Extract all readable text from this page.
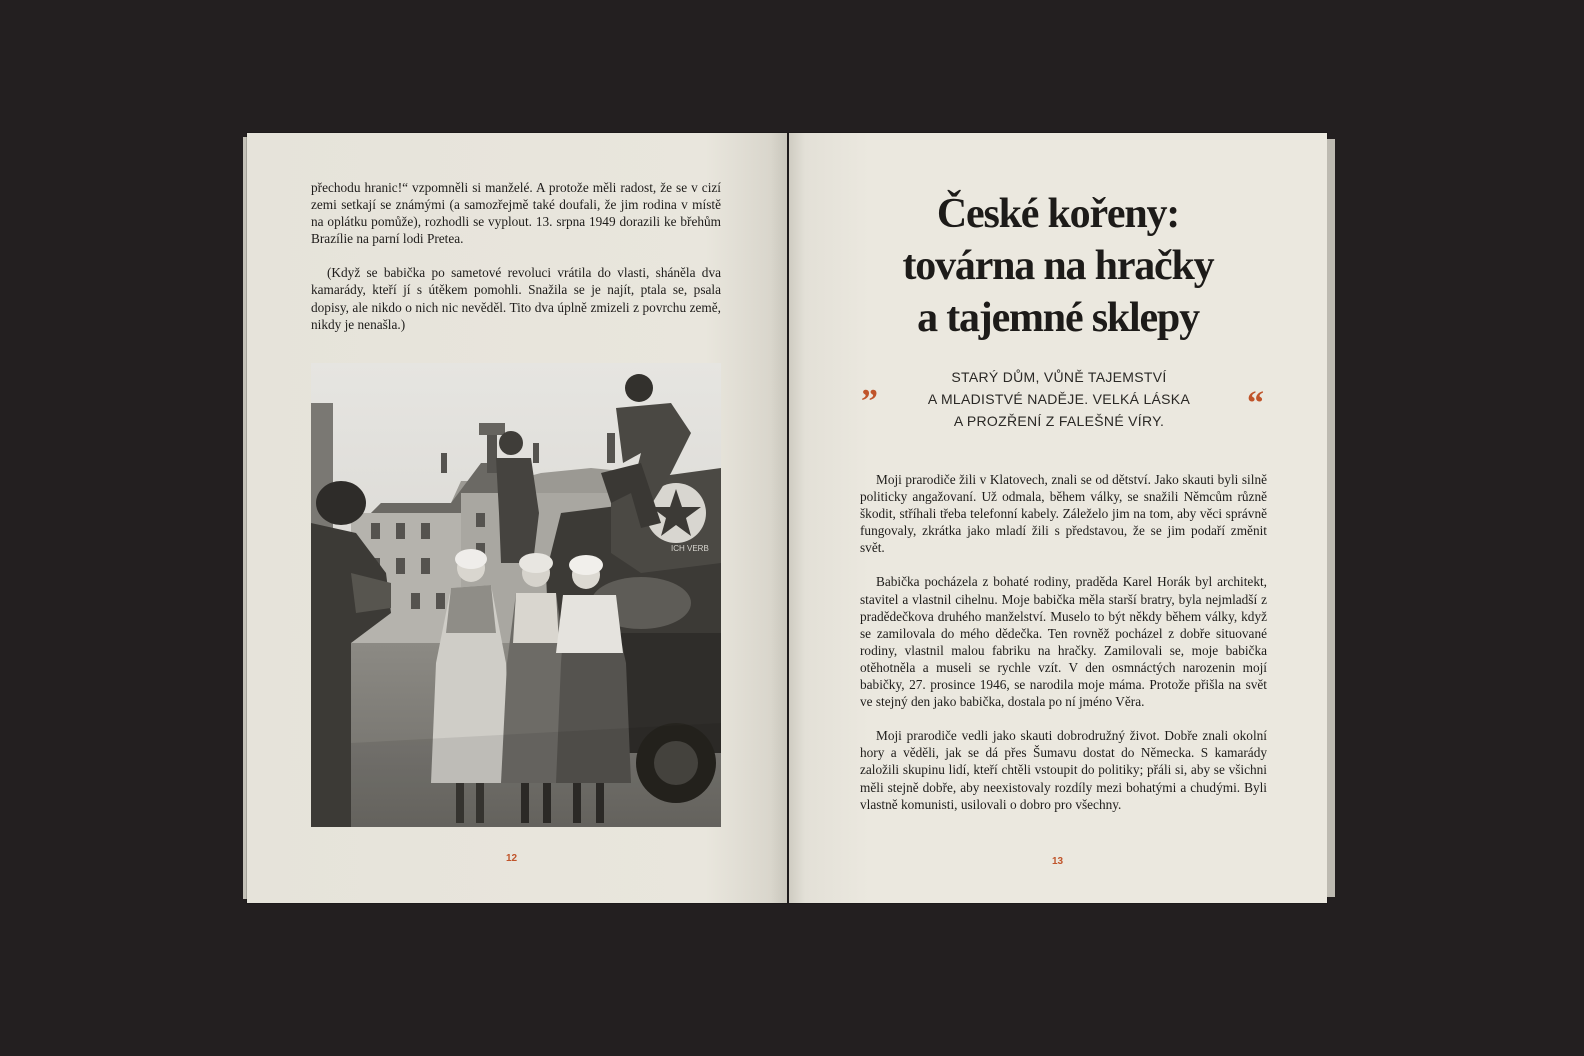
přechodu hranic!“ vzpomněli si manželé. A protože měli radost, že se v cizí zemi setkají se známými (a samozřejmě také doufali, že jim rodina v místě na oplátku pomůže), rozhodli se vyplout. 13. srpna 1949 dorazili ke břehům Brazílie na parní lodi Pretea.

(Když se babička po sametové revoluci vrátila do vlasti, sháněla dva kamarády, kteří jí s útěkem pomohli. Snažila se je najít, ptala se, psala dopisy, ale nikdo o nich nic nevěděl. Tito dva úplně zmizeli z povrchu země, nikdy je nenašla.)

ICH VERB
12
České kořeny:
továrna na hračky
a tajemné sklepy
”
STARÝ DŮM, VŮNĚ TAJEMSTVÍ
A MLADISTVÉ NADĚJE. VELKÁ LÁSKA
A PROZŘENÍ Z FALEŠNÉ VÍRY.	“

Moji prarodiče žili v Klatovech, znali se od dětství. Jako skauti byli silně politicky angažovaní. Už odmala, během války, se snažili Němcům různě škodit, stříhali třeba telefonní kabely. Záleželo jim na tom, aby věci správně fungovaly, zkrátka jako mladí žili s představou, že se jim podaří změnit svět.

Babička pocházela z bohaté rodiny, praděda Karel Horák byl architekt, stavitel a vlastnil cihelnu. Moje babička měla starší bratry, byla nejmladší z pradědečkova druhého manželství. Muselo to být někdy během války, když se zamilovala do mého dědečka. Ten rovněž pocházel z dobře situované rodiny, vlastnil malou fabriku na hračky. Zamilovali se, moje babička otěhotněla a museli se rychle vzít. V den osmnáctých narozenin mojí babičky, 27. prosince 1946, se narodila moje máma. Protože přišla na svět ve stejný den jako babička, dostala po ní jméno Věra.

Moji prarodiče vedli jako skauti dobrodružný život. Dobře znali okolní hory a věděli, jak se dá přes Šumavu dostat do Německa. S kamarády založili skupinu lidí, kteří chtěli vstoupit do politiky; přáli si, aby se všichni měli stejně dobře, aby neexistovaly rozdíly mezi bohatými a chudými. Byli vlastně komunisti, usilovali o dobro pro všechny.

13
